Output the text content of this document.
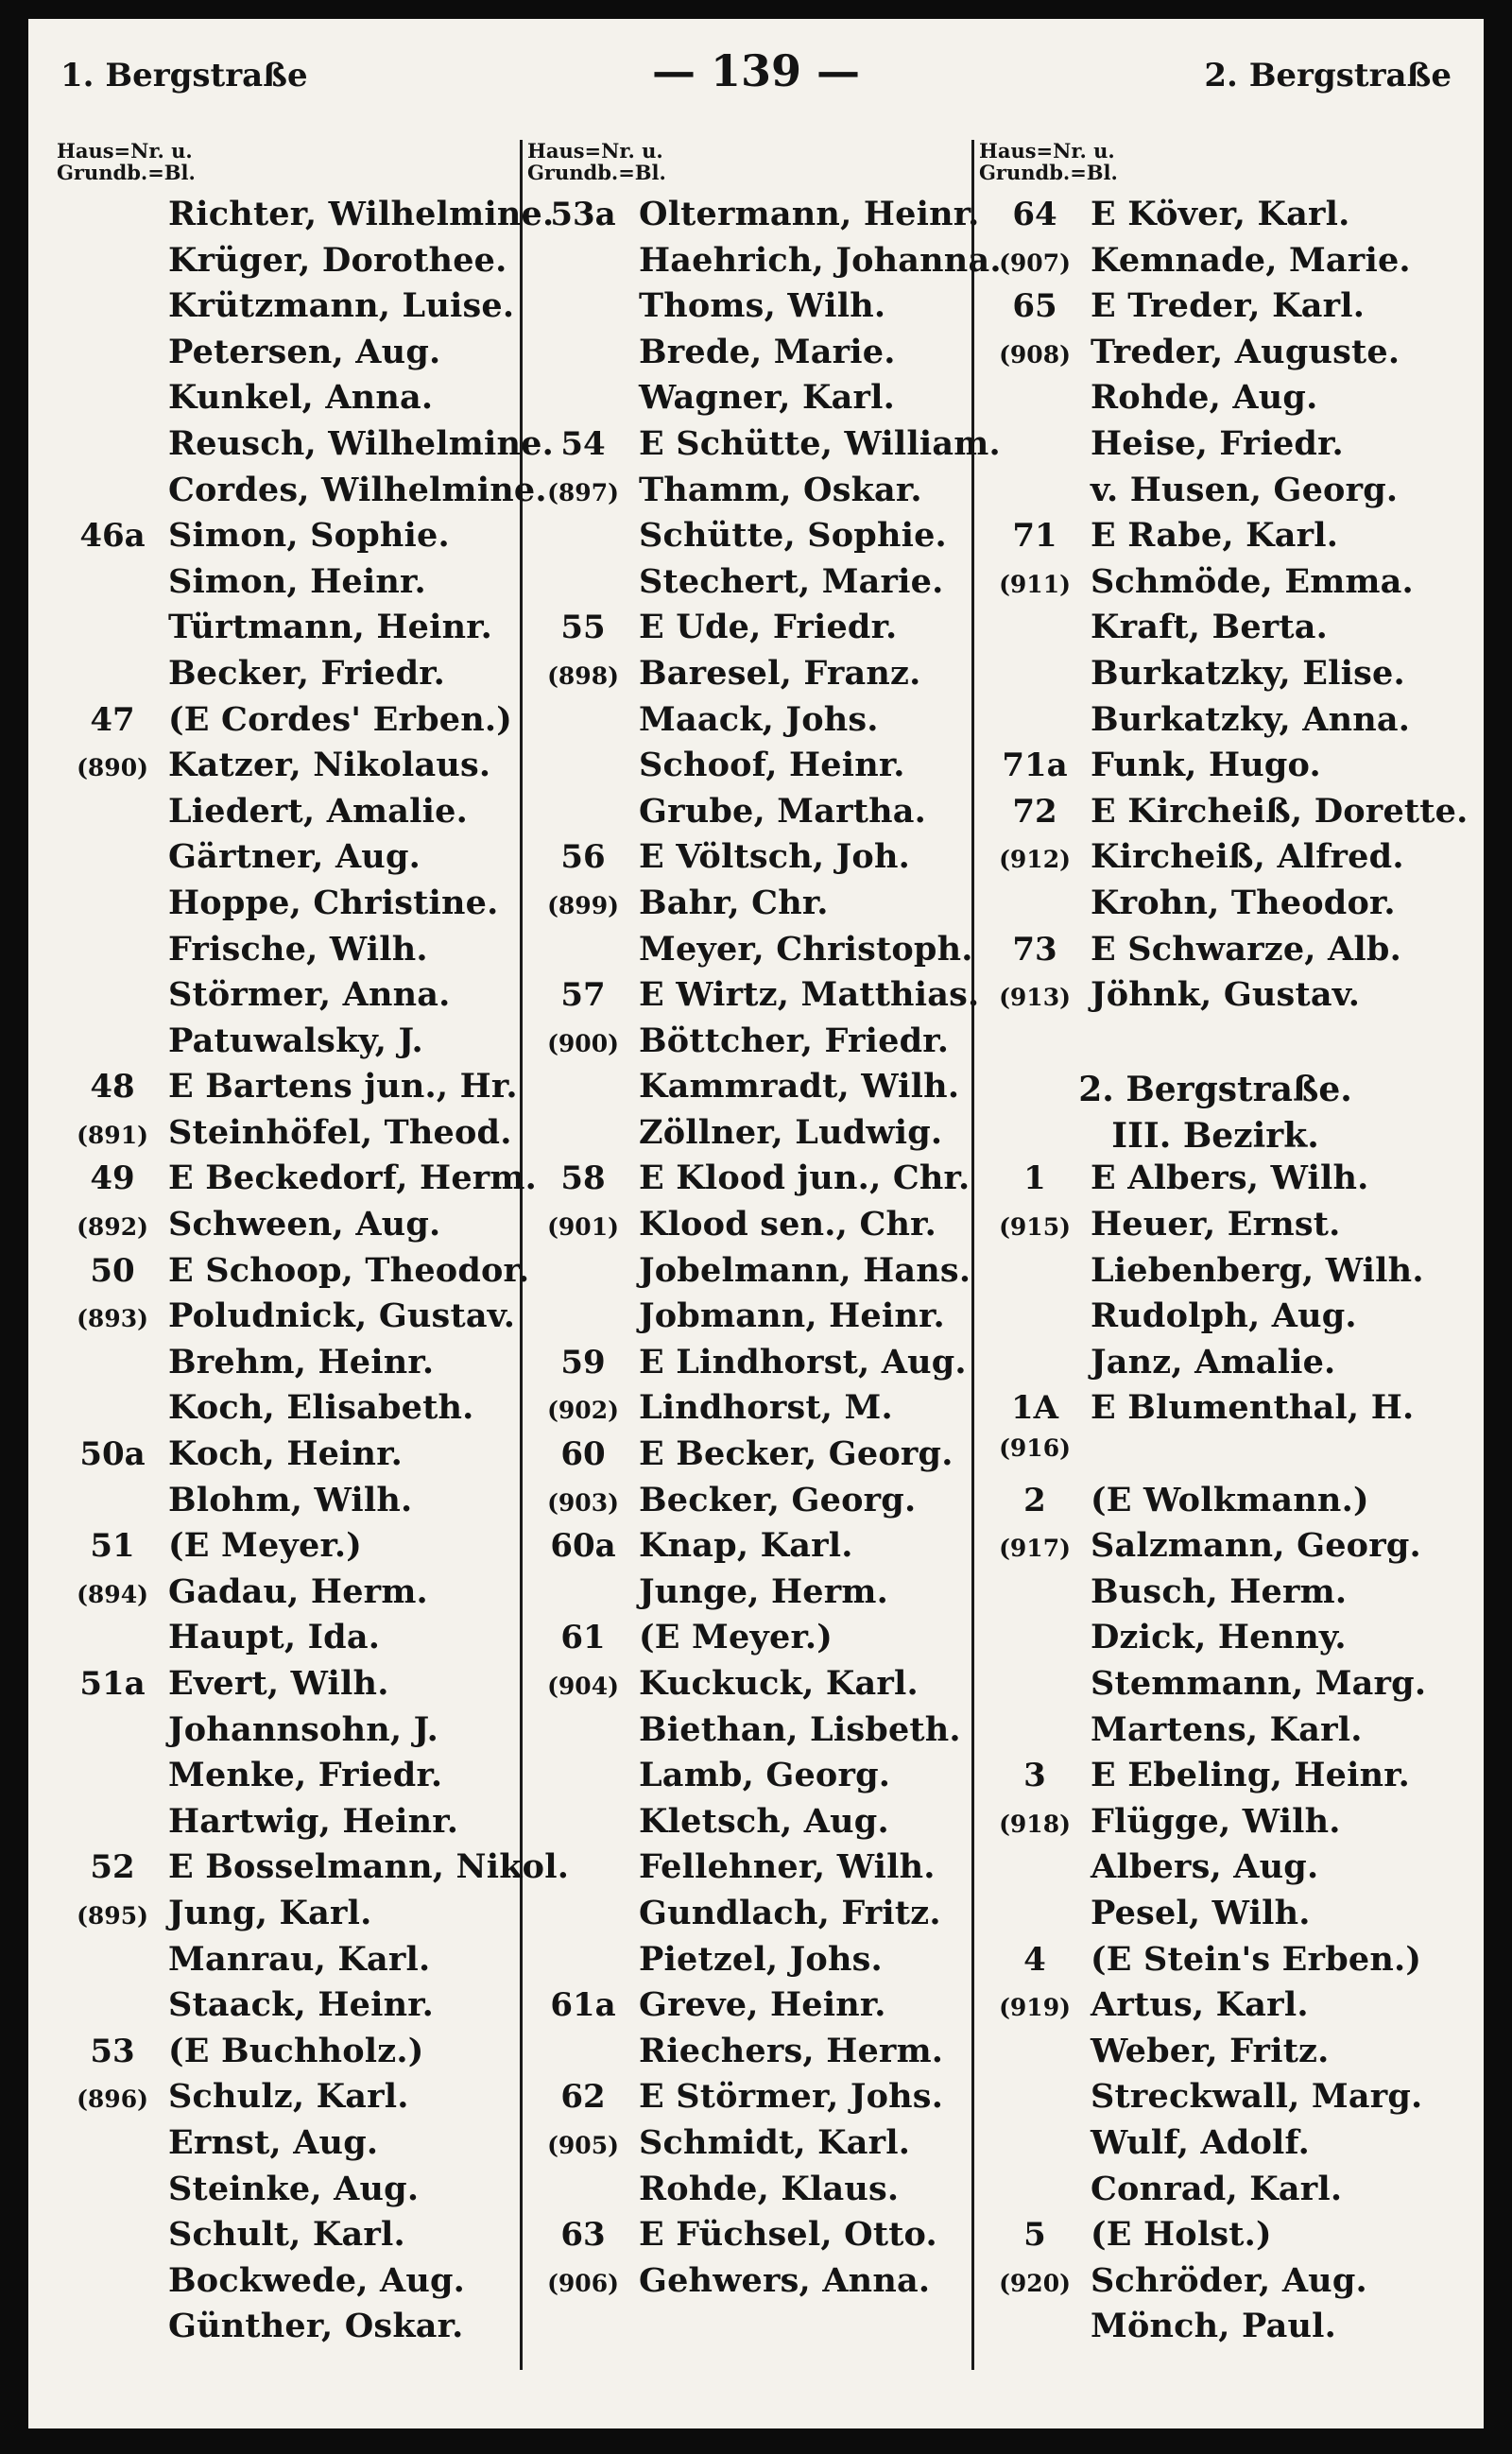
1. Bergstraße	— 139 —	2. Bergstraße
Haus=Nr. u.
Grundb.=Bl.
Richter, Wilhelmine.
Krüger, Dorothee.
Krützmann, Luise.
Petersen, Aug.
Kunkel, Anna.
Reusch, Wilhelmine.
Cordes, Wilhelmine.
46a Simon, Sophie.
Simon, Heinr.
Türtmann, Heinr.
Becker, Friedr.
47	(E Cordes' Erben.)
(890) Katzer, Nikolaus.
Liedert, Amalie.
Gärtner, Aug.
Hoppe, Christine.
Frische, Wilh.
Störmer, Anna.
Patuwalsky, J.
48	E Bartens jun., Hr.
(891) Steinhöfel, Theod.
49	E Beckedorf, Herm.
(892) Schween, Aug.
50	E Schoop, Theodor.
(893) Poludnick, Gustav.
Brehm, Heinr.
Koch, Elisabeth.
50a Koch, Heinr.
Blohm, Wilh.
51	(E Meyer.)
(894) Gadau, Herm.
Haupt, Ida.
51a Evert, Wilh.
Johannsohn, J.
Menke, Friedr.
Hartwig, Heinr.
52	E Bosselmann, Nikol.
(895) Jung, Karl.
Manrau, Karl.
Staack, Heinr.
53	(E Buchholz.)
(896) Schulz, Karl.
Ernst, Aug.
Steinke, Aug.
Schult, Karl.
Bockwede, Aug.
Günther, Oskar.
Haus=Nr. u.
Grundb.=Bl.
53a Oltermann, Heinr.
Haehrich, Johanna.
Thoms, Wilh.
Brede, Marie.
Wagner, Karl.
54	E Schütte, William.
(897) Thamm, Oskar.
Schütte, Sophie.
Stechert, Marie.
55	E Ude, Friedr.
(898) Baresel, Franz.
Maack, Johs.
Schoof, Heinr.
Grube, Martha.
56	E Völtsch, Joh.
(899) Bahr, Chr.
Meyer, Christoph.
57	E Wirtz, Matthias.
(900) Böttcher, Friedr.
Kammradt, Wilh.
Zöllner, Ludwig.
58	E Klood jun., Chr.
(901) Klood sen., Chr.
Jobelmann, Hans.
Jobmann, Heinr.
59	E Lindhorst, Aug.
(902) Lindhorst, M.
60	E Becker, Georg.
(903) Becker, Georg.
60a Knap, Karl.
Junge, Herm.
61	(E Meyer.)
(904) Kuckuck, Karl.
Biethan, Lisbeth.
Lamb, Georg.
Kletsch, Aug.
Fellehner, Wilh.
Gundlach, Fritz.
Pietzel, Johs.
61a Greve, Heinr.
Riechers, Herm.
62	E Störmer, Johs.
(905) Schmidt, Karl.
Rohde, Klaus.
63	E Füchsel, Otto.
(906) Gehwers, Anna.
Haus=Nr. u.
Grundb.=Bl.
64	E Köver, Karl.
(907) Kemnade, Marie.
65	E Treder, Karl.
(908) Treder, Auguste.
Rohde, Aug.
Heise, Friedr.
v. Husen, Georg.
71	E Rabe, Karl.
(911) Schmöde, Emma.
Kraft, Berta.
Burkatzky, Elise.
Burkatzky, Anna.
71a Funk, Hugo.
72	E Kircheiß, Dorette.
(912) Kircheiß, Alfred.
Krohn, Theodor.
73	E Schwarze, Alb.
(913) Jöhnk, Gustav.
2. Bergstraße.
III. Bezirk.
1	E Albers, Wilh.
(915) Heuer, Ernst.
Liebenberg, Wilh.
Rudolph, Aug.
Janz, Amalie.
1A E Blumenthal, H.
(916)
2	(E Wolkmann.)
(917) Salzmann, Georg.
Busch, Herm.
Dzick, Henny.
Stemmann, Marg.
Martens, Karl.
3	E Ebeling, Heinr.
(918) Flügge, Wilh.
Albers, Aug.
Pesel, Wilh.
4	(E Stein's Erben.)
(919) Artus, Karl.
Weber, Fritz.
Streckwall, Marg.
Wulf, Adolf.
Conrad, Karl.
5	(E Holst.)
(920) Schröder, Aug.
Mönch, Paul.
